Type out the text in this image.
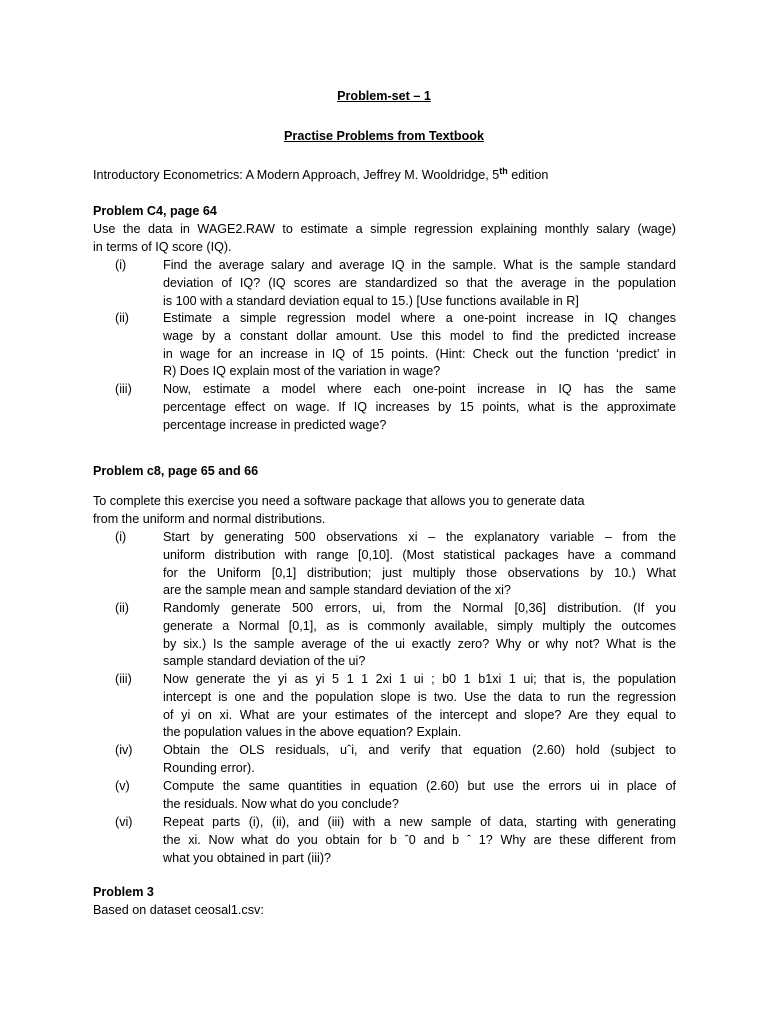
Problem-set – 1
Practise Problems from Textbook
Introductory Econometrics: A Modern Approach, Jeffrey M. Wooldridge, 5th edition
Problem C4, page 64
Use the data in WAGE2.RAW to estimate a simple regression explaining monthly salary (wage)
in terms of IQ score (IQ).
(i)	Find the average salary and average IQ in the sample. What is the sample standard
deviation of IQ? (IQ scores are standardized so that the average in the population
is 100 with a standard deviation equal to 15.) [Use functions available in R]
(ii)	Estimate a simple regression model where a one-point increase in IQ changes
wage by a constant dollar amount. Use this model to find the predicted increase
in wage for an increase in IQ of 15 points. (Hint: Check out the function ‘predict’ in
R) Does IQ explain most of the variation in wage?
(iii) Now, estimate a model where each one-point increase in IQ has the same
percentage effect on wage. If IQ increases by 15 points, what is the approximate
percentage increase in predicted wage?
Problem c8, page 65 and 66
To complete this exercise you need a software package that allows you to generate data
from the uniform and normal distributions.
(i)	Start by generating 500 observations xi – the explanatory variable – from the
uniform distribution with range [0,10]. (Most statistical packages have a command
for the Uniform [0,1] distribution; just multiply those observations by 10.) What
are the sample mean and sample standard deviation of the xi?
(ii)	Randomly generate 500 errors, ui, from the Normal [0,36] distribution. (If you
generate a Normal [0,1], as is commonly available, simply multiply the outcomes
by six.) Is the sample average of the ui exactly zero? Why or why not? What is the
sample standard deviation of the ui?
(iii) Now generate the yi as yi 5 1 1 2xi 1 ui ; b0 1 b1xi 1 ui; that is, the population
intercept is one and the population slope is two. Use the data to run the regression
of yi on xi. What are your estimates of the intercept and slope? Are they equal to
the population values in the above equation? Explain.
(iv) Obtain the OLS residuals, uˆi, and verify that equation (2.60) hold (subject to
Rounding error).
(v)	Compute the same quantities in equation (2.60) but use the errors ui in place of
the residuals. Now what do you conclude?
(vi) Repeat parts (i), (ii), and (iii) with a new sample of data, starting with generating
the xi. Now what do you obtain for b ˆ0 and b ˆ 1? Why are these different from
what you obtained in part (iii)?
Problem 3
Based on dataset ceosal1.csv:
